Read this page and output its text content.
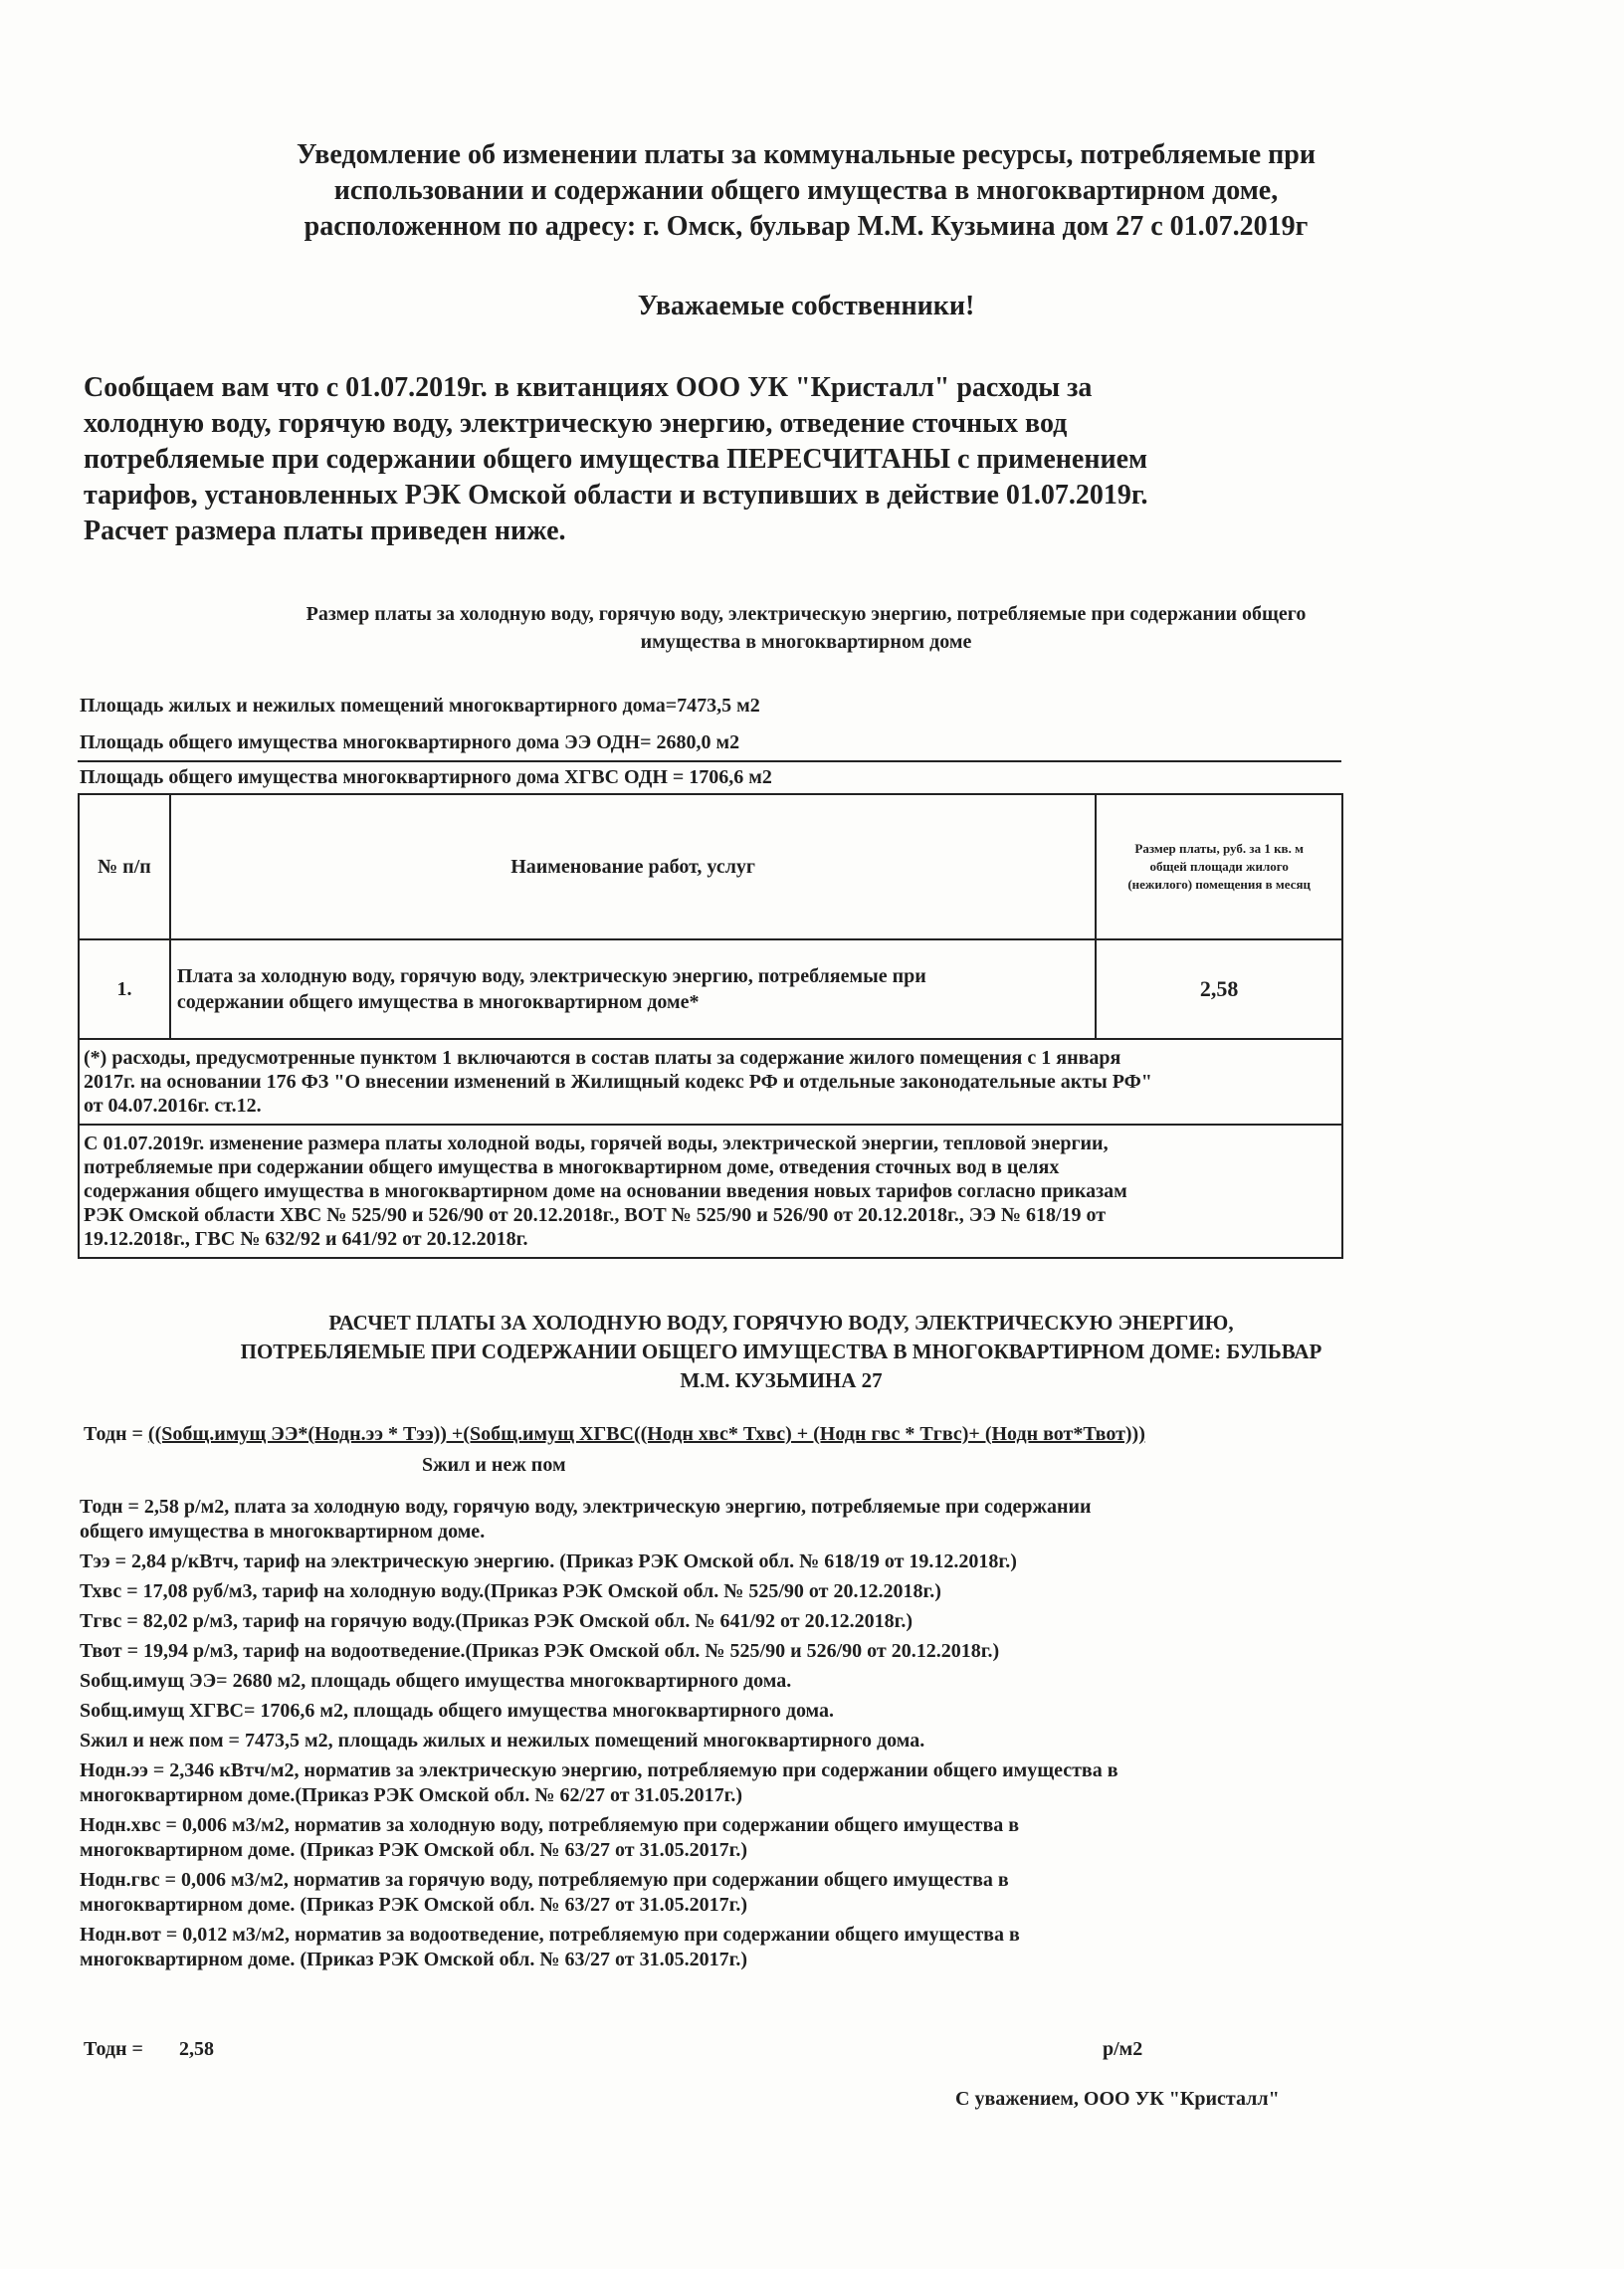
Уведомление об изменении платы за коммунальные ресурсы, потребляемые при
использовании и содержании общего имущества в многоквартирном доме,
расположенном по адресу: г. Омск, бульвар М.М. Кузьмина дом 27 с 01.07.2019г
Уважаемые собственники!
Сообщаем вам что с 01.07.2019г. в квитанциях ООО УК "Кристалл" расходы за
холодную воду, горячую воду, электрическую энергию, отведение сточных вод
потребляемые при содержании общего имущества ПЕРЕСЧИТАНЫ с применением
тарифов, установленных РЭК Омской области и вступивших в действие 01.07.2019г.
Расчет размера платы приведен ниже.
Размер платы за холодную воду, горячую воду, электрическую энергию, потребляемые при содержании общего
имущества в многоквартирном доме
Площадь жилых и нежилых помещений многоквартирного дома=7473,5 м2
Площадь общего имущества многоквартирного дома ЭЭ ОДН= 2680,0 м2
Площадь общего имущества многоквартирного дома ХГВС ОДН = 1706,6 м2
№ п/п	Наименование работ, услуг	Размер платы, руб. за 1 кв. м
общей площади жилого
(нежилого) помещения в месяц

1.	Плата за холодную воду, горячую воду, электрическую энергию, потребляемые при
содержании общего имущества в многоквартирном доме*	2,58

(*) расходы, предусмотренные пунктом 1 включаются в состав платы за содержание жилого помещения с 1 января
2017г. на основании 176 ФЗ "О внесении изменений в Жилищный кодекс РФ и отдельные законодательные акты РФ"
от 04.07.2016г. ст.12.		

С 01.07.2019г. изменение размера платы холодной воды, горячей воды, электрической энергии, тепловой энергии,
потребляемые при содержании общего имущества в многоквартирном доме, отведения сточных вод в целях
содержания общего имущества в многоквартирном доме на основании введения новых тарифов согласно приказам
РЭК Омской области ХВС № 525/90 и 526/90 от 20.12.2018г., ВОТ № 525/90 и 526/90 от 20.12.2018г., ЭЭ № 618/19 от
19.12.2018г., ГВС № 632/92 и 641/92 от 20.12.2018г.		
РАСЧЕТ ПЛАТЫ ЗА ХОЛОДНУЮ ВОДУ, ГОРЯЧУЮ ВОДУ, ЭЛЕКТРИЧЕСКУЮ ЭНЕРГИЮ,
ПОТРЕБЛЯЕМЫЕ ПРИ СОДЕРЖАНИИ ОБЩЕГО ИМУЩЕСТВА В МНОГОКВАРТИРНОМ ДОМЕ: БУЛЬВАР
М.М. КУЗЬМИНА 27
Тодн = ((Sобщ.имущ ЭЭ*(Нодн.ээ * Тээ)) +(Sобщ.имущ ХГВС((Нодн хвс* Тхвс) + (Нодн гвс * Тгвс)+ (Нодн вот*Твот)))
Sжил и неж пом

Тодн = 2,58 р/м2, плата за холодную воду, горячую воду, электрическую энергию, потребляемые при содержании
общего имущества в многоквартирном доме.

Тээ = 2,84 р/кВтч, тариф на электрическую энергию. (Приказ РЭК Омской обл. № 618/19 от 19.12.2018г.)

Тхвс = 17,08 руб/м3, тариф на холодную воду.(Приказ РЭК Омской обл. № 525/90 от 20.12.2018г.)

Тгвс = 82,02 р/м3, тариф на горячую воду.(Приказ РЭК Омской обл. № 641/92 от 20.12.2018г.)

Твот = 19,94 р/м3, тариф на водоотведение.(Приказ РЭК Омской обл. № 525/90 и 526/90 от 20.12.2018г.)

Sобщ.имущ ЭЭ= 2680 м2, площадь общего имущества многоквартирного дома.

Sобщ.имущ ХГВС= 1706,6 м2, площадь общего имущества многоквартирного дома.

Sжил и неж пом = 7473,5 м2, площадь жилых и нежилых помещений многоквартирного дома.

Нодн.ээ = 2,346 кВтч/м2, норматив за электрическую энергию, потребляемую при содержании общего имущества в
многоквартирном доме.(Приказ РЭК Омской обл. № 62/27 от 31.05.2017г.)

Нодн.хвс = 0,006 м3/м2, норматив за холодную воду, потребляемую при содержании общего имущества в
многоквартирном доме. (Приказ РЭК Омской обл. № 63/27 от 31.05.2017г.)

Нодн.гвс = 0,006 м3/м2, норматив за горячую воду, потребляемую при содержании общего имущества в
многоквартирном доме. (Приказ РЭК Омской обл. № 63/27 от 31.05.2017г.)

Нодн.вот = 0,012 м3/м2, норматив за водоотведение, потребляемую при содержании общего имущества в
многоквартирном доме. (Приказ РЭК Омской обл. № 63/27 от 31.05.2017г.)

Тодн = 2,58	р/м2
С уважением, ООО УК "Кристалл"
